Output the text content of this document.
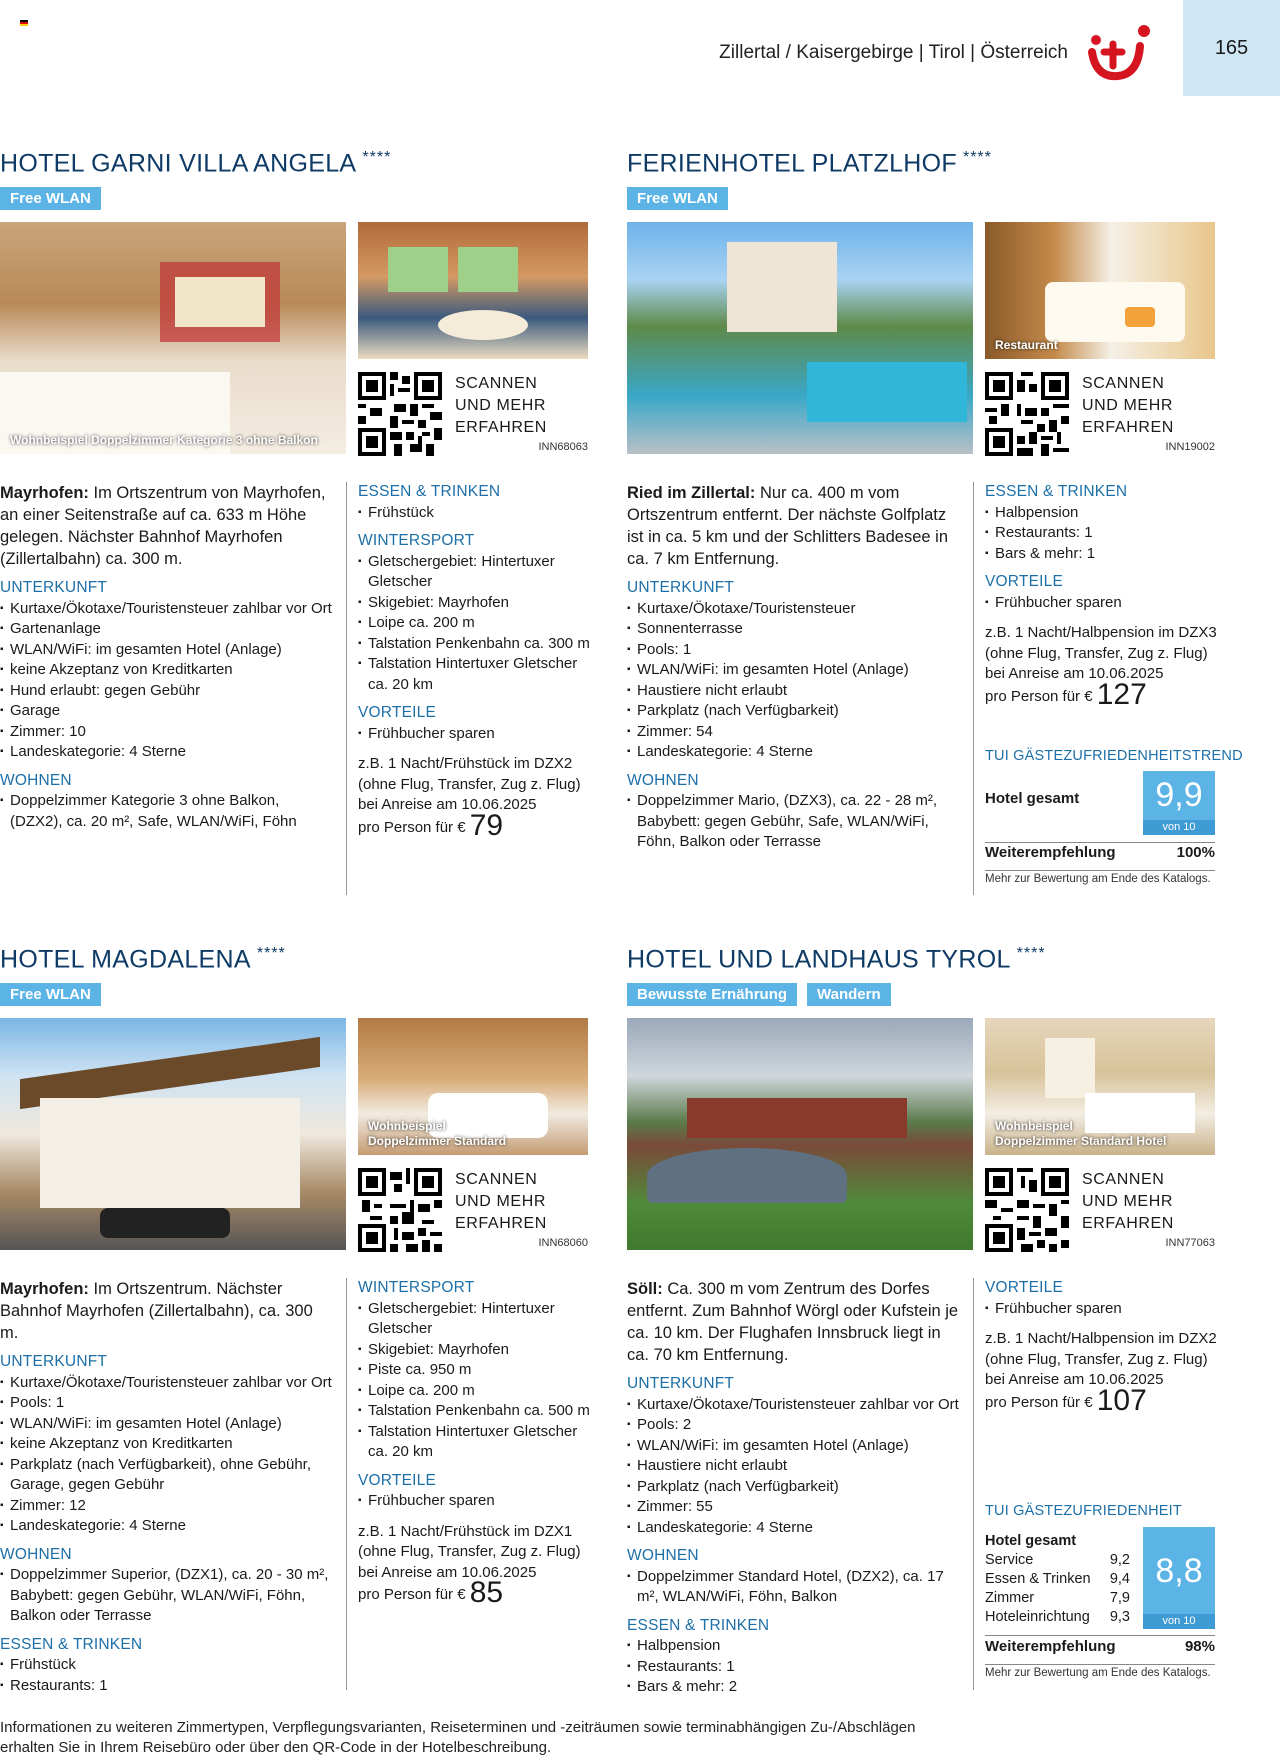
Zillertal / Kaisergebirge | Tirol | Österreich	165
HOTEL GARNI VILLA ANGELA ****
Free WLAN
Wohnbeispiel Doppelzimmer Kategorie 3 ohne Balkon
SCANNEN
UND MEHR
ERFAHREN
INN68063

Mayrhofen: Im Ortszentrum von Mayrhofen, an einer Seitenstraße auf ca. 633 m Höhe gelegen. Nächster Bahnhof Mayrhofen (Zillertalbahn) ca. 300 m.

UNTERKUNFT
▪ Kurtaxe/Ökotaxe/Touristensteuer zahlbar vor Ort
▪ Gartenanlage
▪ WLAN/WiFi: im gesamten Hotel (Anlage)
▪ keine Akzeptanz von Kreditkarten
▪ Hund erlaubt: gegen Gebühr
▪ Garage
▪ Zimmer: 10
▪ Landeskategorie: 4 Sterne
WOHNEN
▪ Doppelzimmer Kategorie 3 ohne Balkon, (DZX2), ca. 20 m², Safe, WLAN/WiFi, Föhn
ESSEN & TRINKEN
▪ Frühstück
WINTERSPORT
▪ Gletschergebiet: Hintertuxer Gletscher
▪ Skigebiet: Mayrhofen
▪ Loipe ca. 200 m
▪ Talstation Penkenbahn ca. 300 m
▪ Talstation Hintertuxer Gletscher ca. 20 km
VORTEILE
▪ Frühbucher sparen

z.B. 1 Nacht/Frühstück im DZX2 (ohne Flug, Transfer, Zug z. Flug) bei Anreise am 10.06.2025

pro Person für € 79

FERIENHOTEL PLATZLHOF ****
Free WLAN
Restaurant
SCANNEN
UND MEHR
ERFAHREN
INN19002

Ried im Zillertal: Nur ca. 400 m vom Ortszentrum entfernt. Der nächste Golfplatz ist in ca. 5 km und der Schlitters Badesee in ca. 7 km Entfernung.

UNTERKUNFT
▪ Kurtaxe/Ökotaxe/Touristensteuer
▪ Sonnenterrasse
▪ Pools: 1
▪ WLAN/WiFi: im gesamten Hotel (Anlage)
▪ Haustiere nicht erlaubt
▪ Parkplatz (nach Verfügbarkeit)
▪ Zimmer: 54
▪ Landeskategorie: 4 Sterne
WOHNEN
▪ Doppelzimmer Mario, (DZX3), ca. 22 - 28 m², Babybett: gegen Gebühr, Safe, WLAN/WiFi, Föhn, Balkon oder Terrasse
ESSEN & TRINKEN
▪ Halbpension
▪ Restaurants: 1
▪ Bars & mehr: 1
VORTEILE
▪ Frühbucher sparen

z.B. 1 Nacht/Halbpension im DZX3 (ohne Flug, Transfer, Zug z. Flug) bei Anreise am 10.06.2025

pro Person für € 127

TUI GÄSTEZUFRIEDENHEITSTREND
Hotel gesamt	9,9
von 10
Weiterempfehlung	100%
Mehr zur Bewertung am Ende des Katalogs.
HOTEL MAGDALENA ****
Free WLAN
Wohnbeispiel
Doppelzimmer Standard
SCANNEN
UND MEHR
ERFAHREN
INN68060

Mayrhofen: Im Ortszentrum. Nächster Bahnhof Mayrhofen (Zillertalbahn), ca. 300 m.

UNTERKUNFT
▪ Kurtaxe/Ökotaxe/Touristensteuer zahlbar vor Ort
▪ Pools: 1
▪ WLAN/WiFi: im gesamten Hotel (Anlage)
▪ keine Akzeptanz von Kreditkarten
▪ Parkplatz (nach Verfügbarkeit), ohne Gebühr, Garage, gegen Gebühr
▪ Zimmer: 12
▪ Landeskategorie: 4 Sterne
WOHNEN
▪ Doppelzimmer Superior, (DZX1), ca. 20 - 30 m², Babybett: gegen Gebühr, WLAN/WiFi, Föhn, Balkon oder Terrasse
ESSEN & TRINKEN
▪ Frühstück
▪ Restaurants: 1
WINTERSPORT
▪ Gletschergebiet: Hintertuxer Gletscher
▪ Skigebiet: Mayrhofen
▪ Piste ca. 950 m
▪ Loipe ca. 200 m
▪ Talstation Penkenbahn ca. 500 m
▪ Talstation Hintertuxer Gletscher ca. 20 km
VORTEILE
▪ Frühbucher sparen

z.B. 1 Nacht/Frühstück im DZX1 (ohne Flug, Transfer, Zug z. Flug) bei Anreise am 10.06.2025

pro Person für € 85

HOTEL UND LANDHAUS TYROL ****
Bewusste Ernährung	Wandern
Wohnbeispiel
Doppelzimmer Standard Hotel
SCANNEN
UND MEHR
ERFAHREN
INN77063

Söll: Ca. 300 m vom Zentrum des Dorfes entfernt. Zum Bahnhof Wörgl oder Kufstein je ca. 10 km. Der Flughafen Innsbruck liegt in ca. 70 km Entfernung.

UNTERKUNFT
▪ Kurtaxe/Ökotaxe/Touristensteuer zahlbar vor Ort
▪ Pools: 2
▪ WLAN/WiFi: im gesamten Hotel (Anlage)
▪ Haustiere nicht erlaubt
▪ Parkplatz (nach Verfügbarkeit)
▪ Zimmer: 55
▪ Landeskategorie: 4 Sterne
WOHNEN
▪ Doppelzimmer Standard Hotel, (DZX2), ca. 17 m², WLAN/WiFi, Föhn, Balkon
ESSEN & TRINKEN
▪ Halbpension
▪ Restaurants: 1
▪ Bars & mehr: 2
VORTEILE
▪ Frühbucher sparen

z.B. 1 Nacht/Halbpension im DZX2 (ohne Flug, Transfer, Zug z. Flug) bei Anreise am 10.06.2025

pro Person für € 107

TUI GÄSTEZUFRIEDENHEIT
Hotel gesamt
Service	9,2
Essen & Trinken 9,4
Zimmer	7,9
Hoteleinrichtung 9,3
8,8
von 10
Weiterempfehlung	98%
Mehr zur Bewertung am Ende des Katalogs.
Informationen zu weiteren Zimmertypen, Verpflegungsvarianten, Reiseterminen und -zeiträumen sowie terminabhängigen Zu-/Abschlägen
erhalten Sie in Ihrem Reisebüro oder über den QR-Code in der Hotelbeschreibung.
